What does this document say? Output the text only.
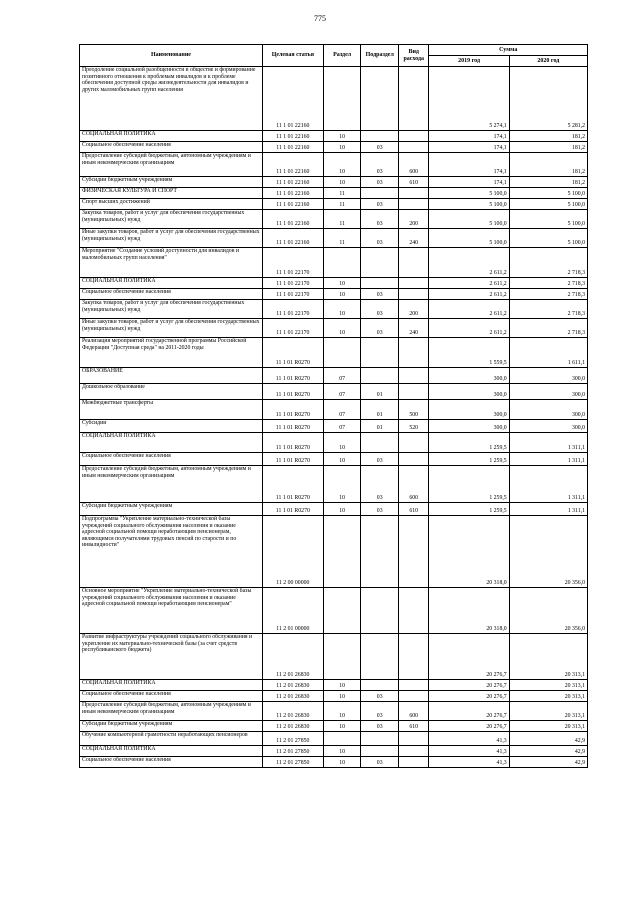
775
Наименование	Целевая статья	Раздел	Подраздел	Вид расхода	Сумма	
					2019 год	2020 год
Преодоление социальной разобщенности в обществе и формирование позитивного отношения к проблемам инвалидов и к проблеме обеспечения доступной среды жизнедеятельности для инвалидов и других маломобильных групп населения	11 1 01 22160				5 274,1	5 281,2
СОЦИАЛЬНАЯ ПОЛИТИКА	11 1 01 22160	10			174,1	181,2
Социальное обеспечение населения	11 1 01 22160	10	03		174,1	181,2
Предоставление субсидий бюджетным, автономным учреждениям и иным некоммерческим организациям	11 1 01 22160	10	03	600	174,1	181,2
Субсидии бюджетным учреждениям	11 1 01 22160	10	03	610	174,1	181,2
ФИЗИЧЕСКАЯ КУЛЬТУРА И СПОРТ	11 1 01 22160	11			5 100,0	5 100,0
Спорт высших достижений	11 1 01 22160	11	03		5 100,0	5 100,0
Закупка товаров, работ и услуг для обеспечения государственных (муниципальных) нужд	11 1 01 22160	11	03	200	5 100,0	5 100,0
Иные закупки товаров, работ и услуг для обеспечения государственных (муниципальных) нужд	11 1 01 22160	11	03	240	5 100,0	5 100,0
Мероприятие "Создание условий доступности для инвалидов и маломобильных групп населения"	11 1 01 22170				2 611,2	2 718,3
СОЦИАЛЬНАЯ ПОЛИТИКА	11 1 01 22170	10			2 611,2	2 718,3
Социальное обеспечение населения	11 1 01 22170	10	03		2 611,2	2 718,3
Закупка товаров, работ и услуг для обеспечения государственных (муниципальных) нужд	11 1 01 22170	10	03	200	2 611,2	2 718,3
Иные закупки товаров, работ и услуг для обеспечения государственных (муниципальных) нужд	11 1 01 22170	10	03	240	2 611,2	2 718,3
Реализация мероприятий государственной программы Российской Федерации "Доступная среда" на 2011-2020 годы	11 1 01 R0270				1 559,5	1 611,1
ОБРАЗОВАНИЕ	11 1 01 R0270	07			300,0	300,0
Дошкольное образование	11 1 01 R0270	07	01		300,0	300,0
Межбюджетные трансферты	11 1 01 R0270	07	01	500	300,0	300,0
Субсидии	11 1 01 R0270	07	01	520	300,0	300,0
СОЦИАЛЬНАЯ ПОЛИТИКА	11 1 01 R0270	10			1 259,5	1 311,1
Социальное обеспечение населения	11 1 01 R0270	10	03		1 259,5	1 311,1
Предоставление субсидий бюджетным, автономным учреждениям и иным некоммерческим организациям	11 1 01 R0270	10	03	600	1 259,5	1 311,1
Субсидии бюджетным учреждениям	11 1 01 R0270	10	03	610	1 259,5	1 311,1
Подпрограмма "Укрепление материально-технической базы учреждений социального обслуживания населения и оказание адресной социальной помощи неработающим пенсионерам, являющимся получателями трудовых пенсий по старости и по инвалидности"	11 2 00 00000				20 318,0	20 356,0
Основное мероприятие "Укрепление материально-технической базы учреждений социального обслуживания населения и оказание адресной социальной помощи неработающим пенсионерам"	11 2 01 00000				20 318,0	20 356,0
Развитие инфраструктуры учреждений социального обслуживания и укрепление их материально-технической базы (за счет средств республиканского бюджета)	11 2 01 26830				20 276,7	20 313,1
СОЦИАЛЬНАЯ ПОЛИТИКА	11 2 01 26830	10			20 276,7	20 313,1
Социальное обеспечение населения	11 2 01 26830	10	03		20 276,7	20 313,1
Предоставление субсидий бюджетным, автономным учреждениям и иным некоммерческим организациям	11 2 01 26830	10	03	600	20 276,7	20 313,1
Субсидии бюджетным учреждениям	11 2 01 26830	10	03	610	20 276,7	20 313,1
Обучение компьютерной грамотности неработающих пенсионеров	11 2 01 27850				41,3	42,9
СОЦИАЛЬНАЯ ПОЛИТИКА	11 2 01 27850	10			41,3	42,9
Социальное обеспечение населения	11 2 01 27850	10	03		41,3	42,9
